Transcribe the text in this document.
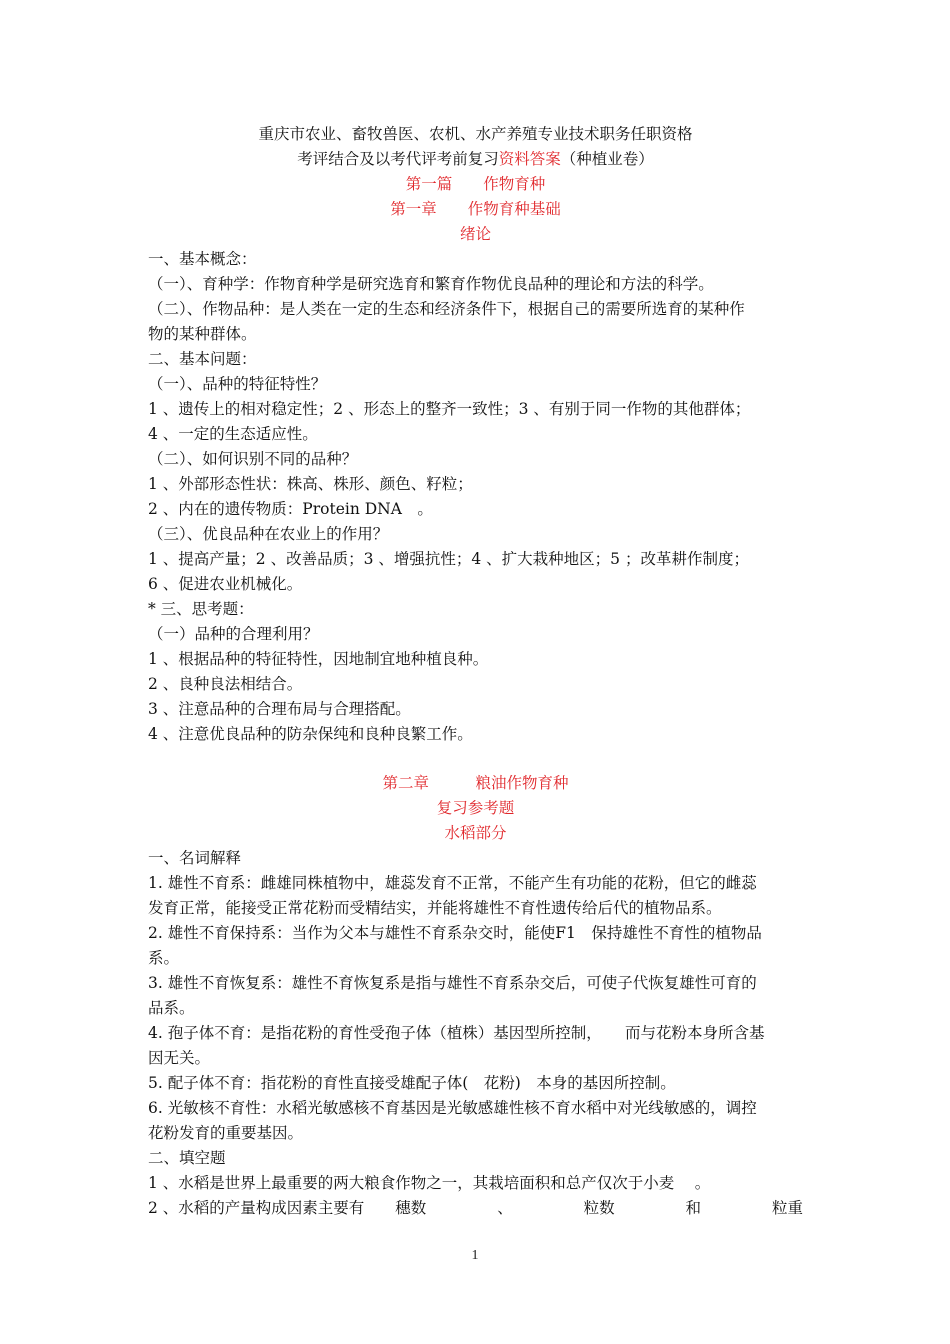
重庆市农业、畜牧兽医、农机、水产养殖专业技术职务任职资格
考评结合及以考代评考前复习资料答案（种植业卷）
第一篇　　作物育种
第一章　　作物育种基础
绪论
一、基本概念：
（一）、育种学：作物育种学是研究选育和繁育作物优良品种的理论和方法的科学。
（二）、作物品种：是人类在一定的生态和经济条件下，根据自己的需要所选育的某种作
物的某种群体。
二、基本问题：
（一）、品种的特征特性？
1 、遗传上的相对稳定性；2 、形态上的整齐一致性；3 、有别于同一作物的其他群体；
4 、一定的生态适应性。
（二）、如何识别不同的品种？
1 、外部形态性状：株高、株形、颜色、籽粒；
2 、内在的遗传物质：Protein DNA　。
（三）、优良品种在农业上的作用？
1 、提高产量；2 、改善品质；3 、增强抗性；4 、扩大栽种地区；5 ；改革耕作制度；
6 、促进农业机械化。
* 三、思考题：
（一）品种的合理利用？
1 、根据品种的特征特性，因地制宜地种植良种。
2 、良种良法相结合。
3 、注意品种的合理布局与合理搭配。
4 、注意优良品种的防杂保纯和良种良繁工作。
第二章　　　粮油作物育种
复习参考题
水稻部分
一、名词解释
1. 雄性不育系：雌雄同株植物中，雄蕊发育不正常，不能产生有功能的花粉，但它的雌蕊
发育正常，能接受正常花粉而受精结实，并能将雄性不育性遗传给后代的植物品系。
2. 雄性不育保持系：当作为父本与雄性不育系杂交时，能使F1　保持雄性不育性的植物品
系。
3. 雄性不育恢复系：雄性不育恢复系是指与雄性不育系杂交后，可使子代恢复雄性可育的
品系。
4. 孢子体不育：是指花粉的育性受孢子体（植株）基因型所控制，　　而与花粉本身所含基
因无关。
5. 配子体不育：指花粉的育性直接受雄配子体(　花粉)　本身的基因所控制。
6. 光敏核不育性：水稻光敏感核不育基因是光敏感雄性核不育水稻中对光线敏感的，调控
花粉发育的重要基因。
二、填空题
1 、水稻是世界上最重要的两大粮食作物之一，其栽培面积和总产仅次于小麦　 。
2 、水稻的产量构成因素主要有　　穗数	、	粒数	和	粒重
1
